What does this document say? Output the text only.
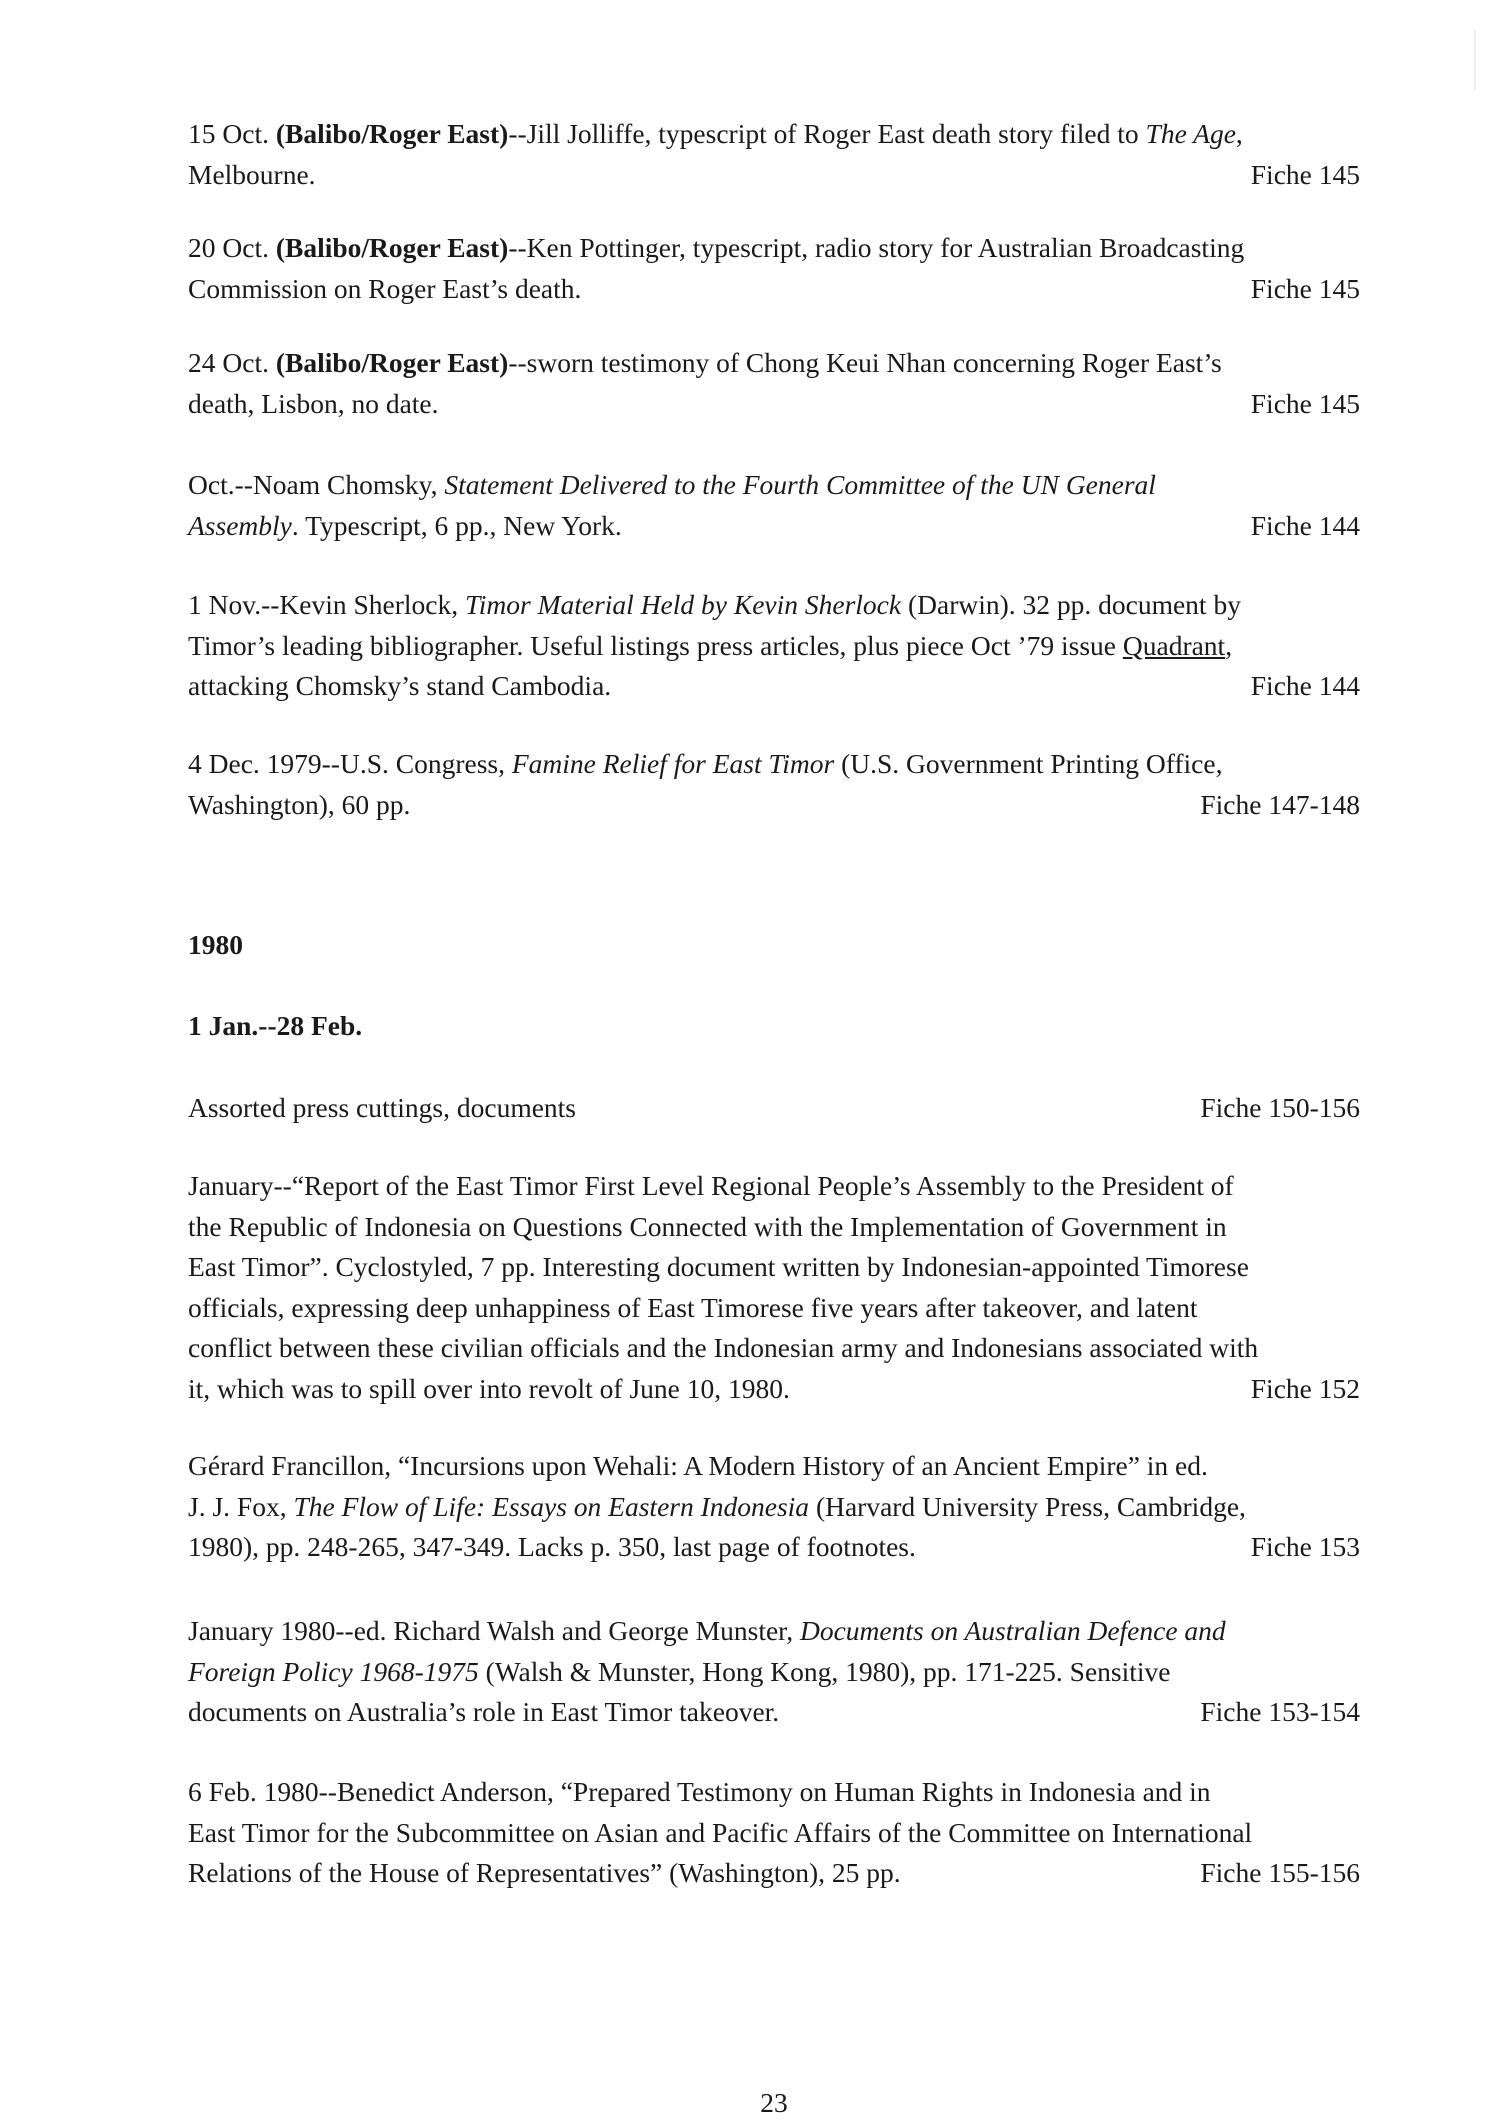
15 Oct. (Balibo/Roger East)--Jill Jolliffe, typescript of Roger East death story filed to The Age,
Melbourne.	Fiche 145
20 Oct. (Balibo/Roger East)--Ken Pottinger, typescript, radio story for Australian Broadcasting
Commission on Roger East’s death.	Fiche 145
24 Oct. (Balibo/Roger East)--sworn testimony of Chong Keui Nhan concerning Roger East’s
death, Lisbon, no date.	Fiche 145
Oct.--Noam Chomsky, Statement Delivered to the Fourth Committee of the UN General
Assembly. Typescript, 6 pp., New York.	Fiche 144
1 Nov.--Kevin Sherlock, Timor Material Held by Kevin Sherlock (Darwin). 32 pp. document by
Timor’s leading bibliographer. Useful listings press articles, plus piece Oct ’79 issue Quadrant,
attacking Chomsky’s stand Cambodia.	Fiche 144
4 Dec. 1979--U.S. Congress, Famine Relief for East Timor (U.S. Government Printing Office,
Washington), 60 pp.	Fiche 147-148
1980
1 Jan.--28 Feb.
Assorted press cuttings, documents	Fiche 150-156
January--“Report of the East Timor First Level Regional People’s Assembly to the President of
the Republic of Indonesia on Questions Connected with the Implementation of Government in
East Timor”. Cyclostyled, 7 pp. Interesting document written by Indonesian-appointed Timorese
officials, expressing deep unhappiness of East Timorese five years after takeover, and latent
conflict between these civilian officials and the Indonesian army and Indonesians associated with
it, which was to spill over into revolt of June 10, 1980.	Fiche 152
Gérard Francillon, “Incursions upon Wehali: A Modern History of an Ancient Empire” in ed.
J. J. Fox, The Flow of Life: Essays on Eastern Indonesia (Harvard University Press, Cambridge,
1980), pp. 248-265, 347-349. Lacks p. 350, last page of footnotes.	Fiche 153
January 1980--ed. Richard Walsh and George Munster, Documents on Australian Defence and
Foreign Policy 1968-1975 (Walsh & Munster, Hong Kong, 1980), pp. 171-225. Sensitive
documents on Australia’s role in East Timor takeover.	Fiche 153-154
6 Feb. 1980--Benedict Anderson, “Prepared Testimony on Human Rights in Indonesia and in
East Timor for the Subcommittee on Asian and Pacific Affairs of the Committee on International
Relations of the House of Representatives” (Washington), 25 pp.	Fiche 155-156
23
